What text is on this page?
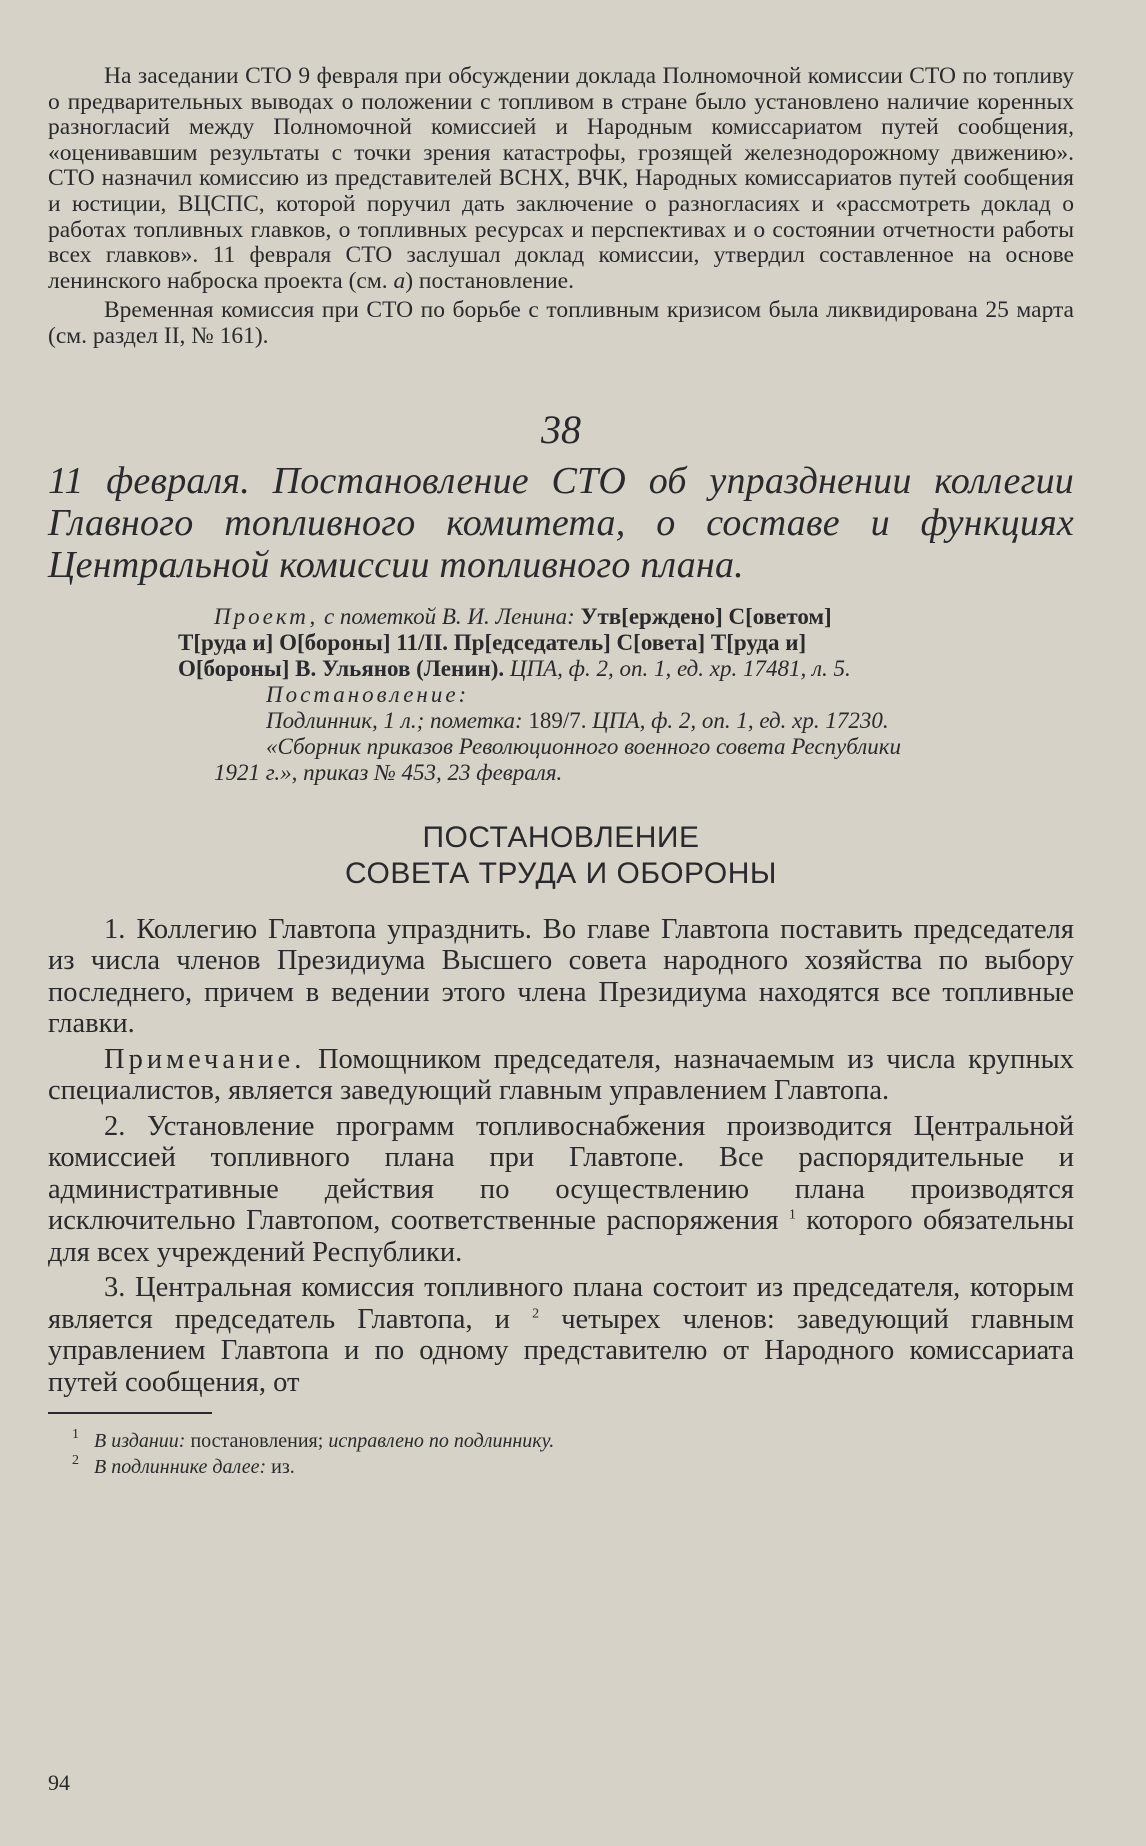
На заседании СТО 9 февраля при обсуждении доклада Полномочной комиссии СТО по топливу о предварительных выводах о положении с топливом в стране было установлено наличие коренных разногласий между Полномочной комиссией и Народным комиссариатом путей сообщения, «оценивавшим результаты с точки зрения катастрофы, грозящей железнодорожному движению». СТО назначил комиссию из представителей ВСНХ, ВЧК, Народных комиссариатов путей сообщения и юстиции, ВЦСПС, которой поручил дать заключение о разногласиях и «рассмотреть доклад о работах топливных главков, о топливных ресурсах и перспективах и о состоянии отчетности работы всех главков». 11 февраля СТО заслушал доклад комиссии, утвердил составленное на основе ленинского наброска проекта (см. а) постановление.

Временная комиссия при СТО по борьбе с топливным кризисом была ликвидирована 25 марта (см. раздел II, № 161).

38
11 февраля. Постановление СТО об упразднении коллегии Главного топливного комитета, о составе и функциях Центральной комиссии топливного плана.
Проект, с пометкой В. И. Ленина: Утв[ерждено] С[оветом]
Т[руда и] О[бороны] 11/II. Пр[едседатель] С[овета] Т[руда и]
О[бороны] В. Ульянов (Ленин). ЦПА, ф. 2, оп. 1, ед. хр. 17481, л. 5.
Постановление:
Подлинник, 1 л.; пометка: 189/7. ЦПА, ф. 2, оп. 1, ед. хр. 17230.
«Сборник приказов Революционного военного совета Республики
1921 г.», приказ № 453, 23 февраля.
ПОСТАНОВЛЕНИЕ
СОВЕТА ТРУДА И ОБОРОНЫ

1. Коллегию Главтопа упразднить. Во главе Главтопа поставить председателя из числа членов Президиума Высшего совета народного хозяйства по выбору последнего, причем в ведении этого члена Президиума находятся все топливные главки.

Примечание. Помощником председателя, назначаемым из числа крупных специалистов, является заведующий главным управлением Главтопа.

2. Установление программ топливоснабжения производится Центральной комиссией топливного плана при Главтопе. Все распорядительные и административные действия по осуществлению плана производятся исключительно Главтопом, соответственные распоряжения $^1$ которого обязательны для всех учреждений Республики.

3. Центральная комиссия топливного плана состоит из председателя, которым является председатель Главтопа, и $^2$ четырех членов: заведующий главным управлением Главтопа и по одному представителю от Народного комиссариата путей сообщения, от

1 В издании: постановления; исправлено по подлиннику.
2 В подлиннике далее: из.
94
